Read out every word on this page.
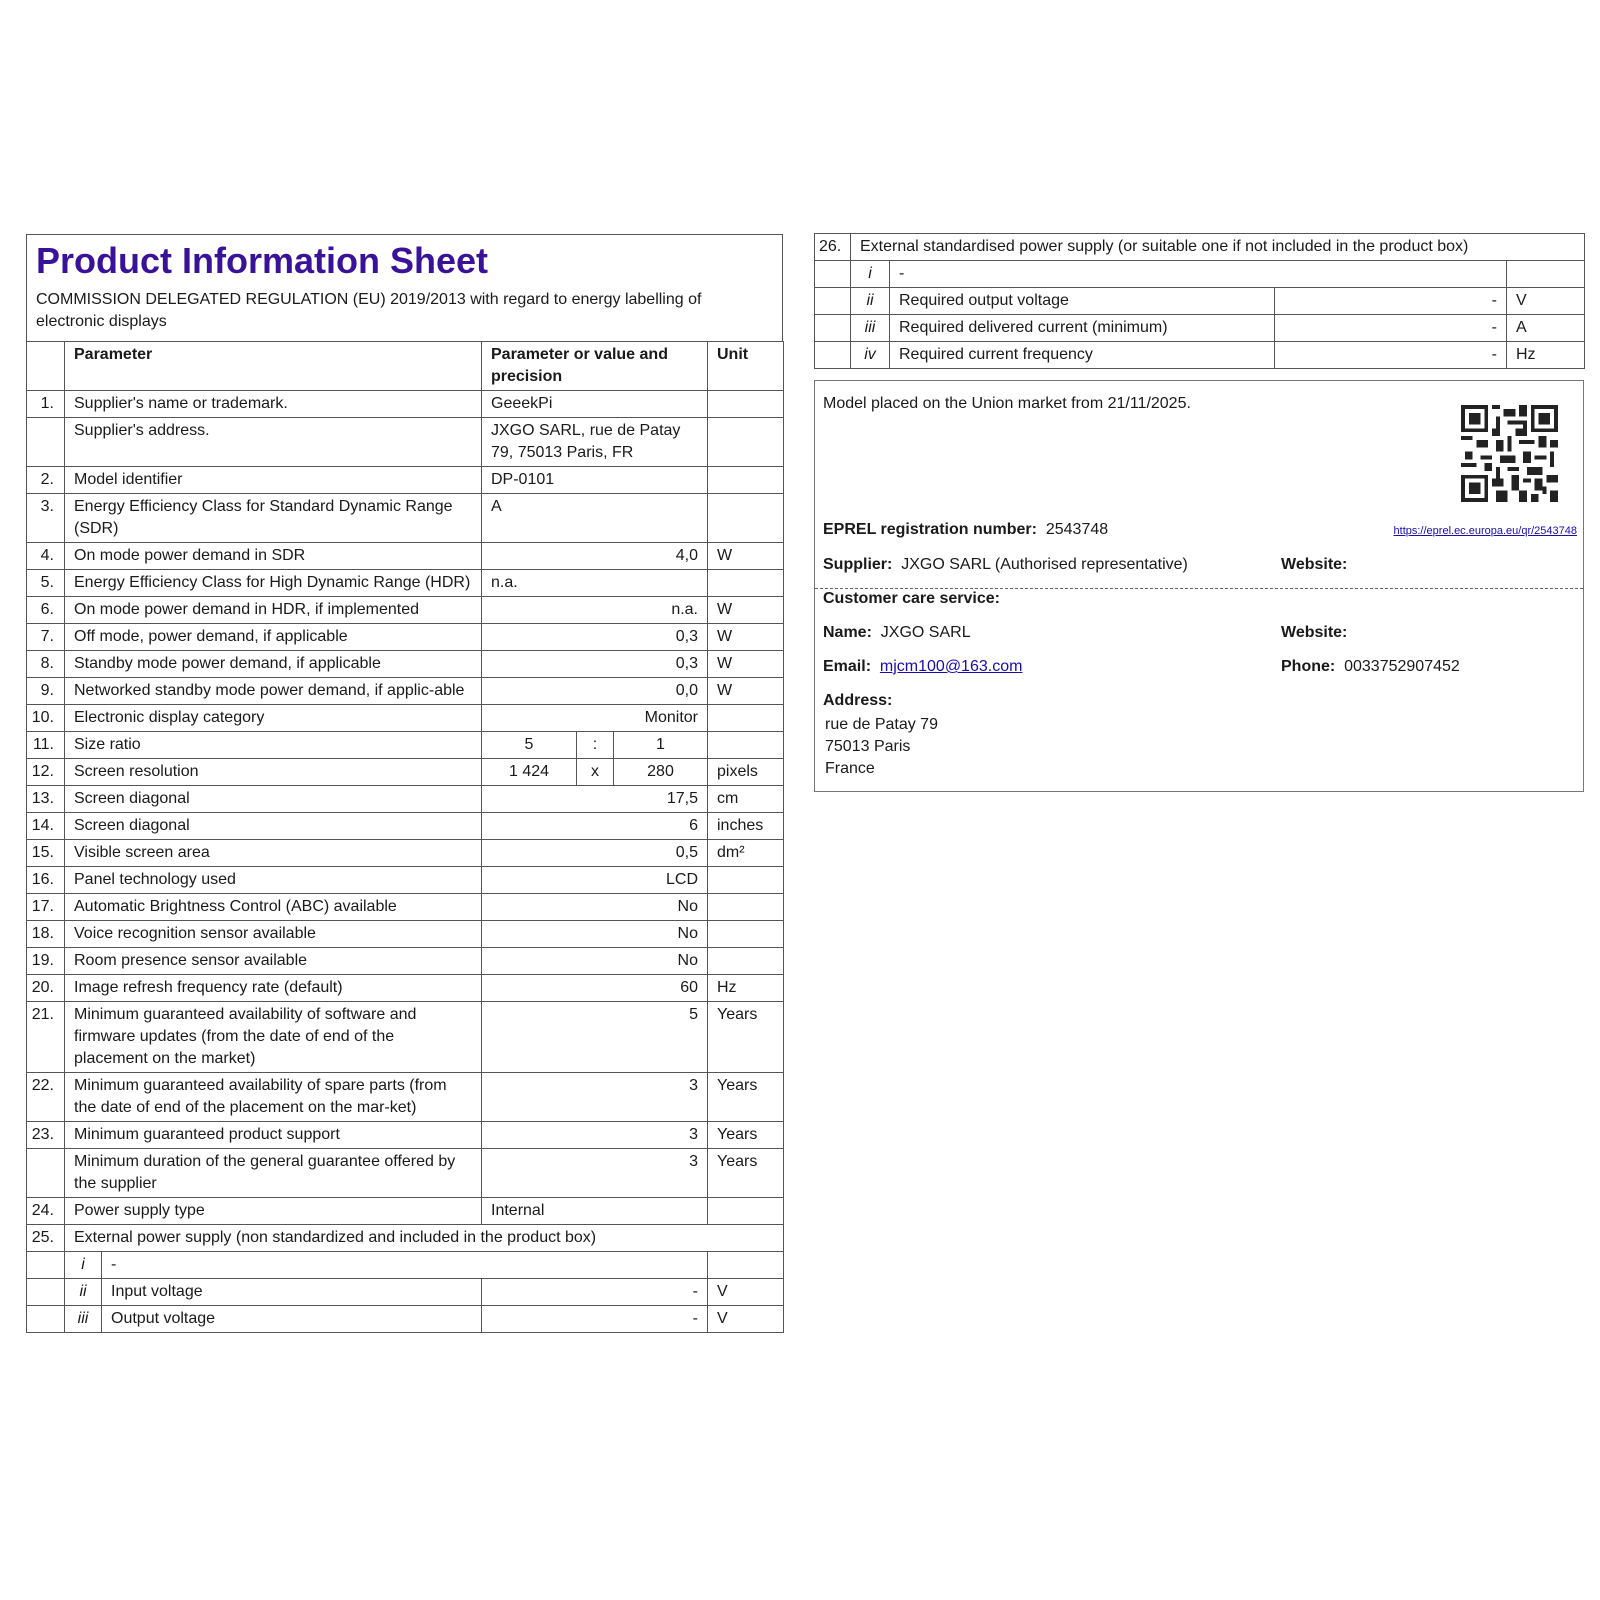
Product Information Sheet
COMMISSION DELEGATED REGULATION (EU) 2019/2013 with regard to energy labelling of electronic displays
	Parameter		Parameter or value and precision			Unit
1.	Supplier's name or trademark.		GeeekPi			
	Supplier's address.		JXGO SARL, rue de Patay 79, 75013 Paris, FR			
2.	Model identifier		DP-0101			
3.	Energy Efficiency Class for Standard Dynamic Range (SDR)		A			
4.	On mode power demand in SDR		4,0			W
5.	Energy Efficiency Class for High Dynamic Range (HDR)		n.a.			
6.	On mode power demand in HDR, if implemented		n.a.			W
7.	Off mode, power demand, if applicable		0,3			W
8.	Standby mode power demand, if applicable		0,3			W
9.	Networked standby mode power demand, if applic-able		0,0			W
10.	Electronic display category		Monitor			
11.	Size ratio		5	:	1	
12.	Screen resolution		1 424	x	280	pixels
13.	Screen diagonal		17,5			cm
14.	Screen diagonal		6			inches
15.	Visible screen area		0,5			dm²
16.	Panel technology used		LCD			
17.	Automatic Brightness Control (ABC) available		No			
18.	Voice recognition sensor available		No			
19.	Room presence sensor available		No			
20.	Image refresh frequency rate (default)		60			Hz
21.	Minimum guaranteed availability of software and firmware updates (from the date of end of the placement on the market)		5			Years
22.	Minimum guaranteed availability of spare parts (from the date of end of the placement on the mar-ket)		3			Years
23.	Minimum guaranteed product support		3			Years
	Minimum duration of the general guarantee offered by the supplier		3			Years
24.	Power supply type		Internal			
25.	External power supply (non standardized and included in the product box)					
	i	-				
	ii	Input voltage	-			V
	iii	Output voltage	-			V
26.	External standardised power supply (or suitable one if not included in the product box)			
	i	-		
	ii	Required output voltage	-	V
	iii	Required delivered current (minimum)	-	A
	iv	Required current frequency	-	Hz
Model placed on the Union market from 21/11/2025.
EPREL registration number: 2543748	https://eprel.ec.europa.eu/qr/2543748
Supplier: JXGO SARL (Authorised representative)	Website:
Customer care service:
Name: JXGO SARL	Website:
Email: mjcm100@163.com	Phone: 0033752907452
Address:
rue de Patay 79
75013 Paris
France
